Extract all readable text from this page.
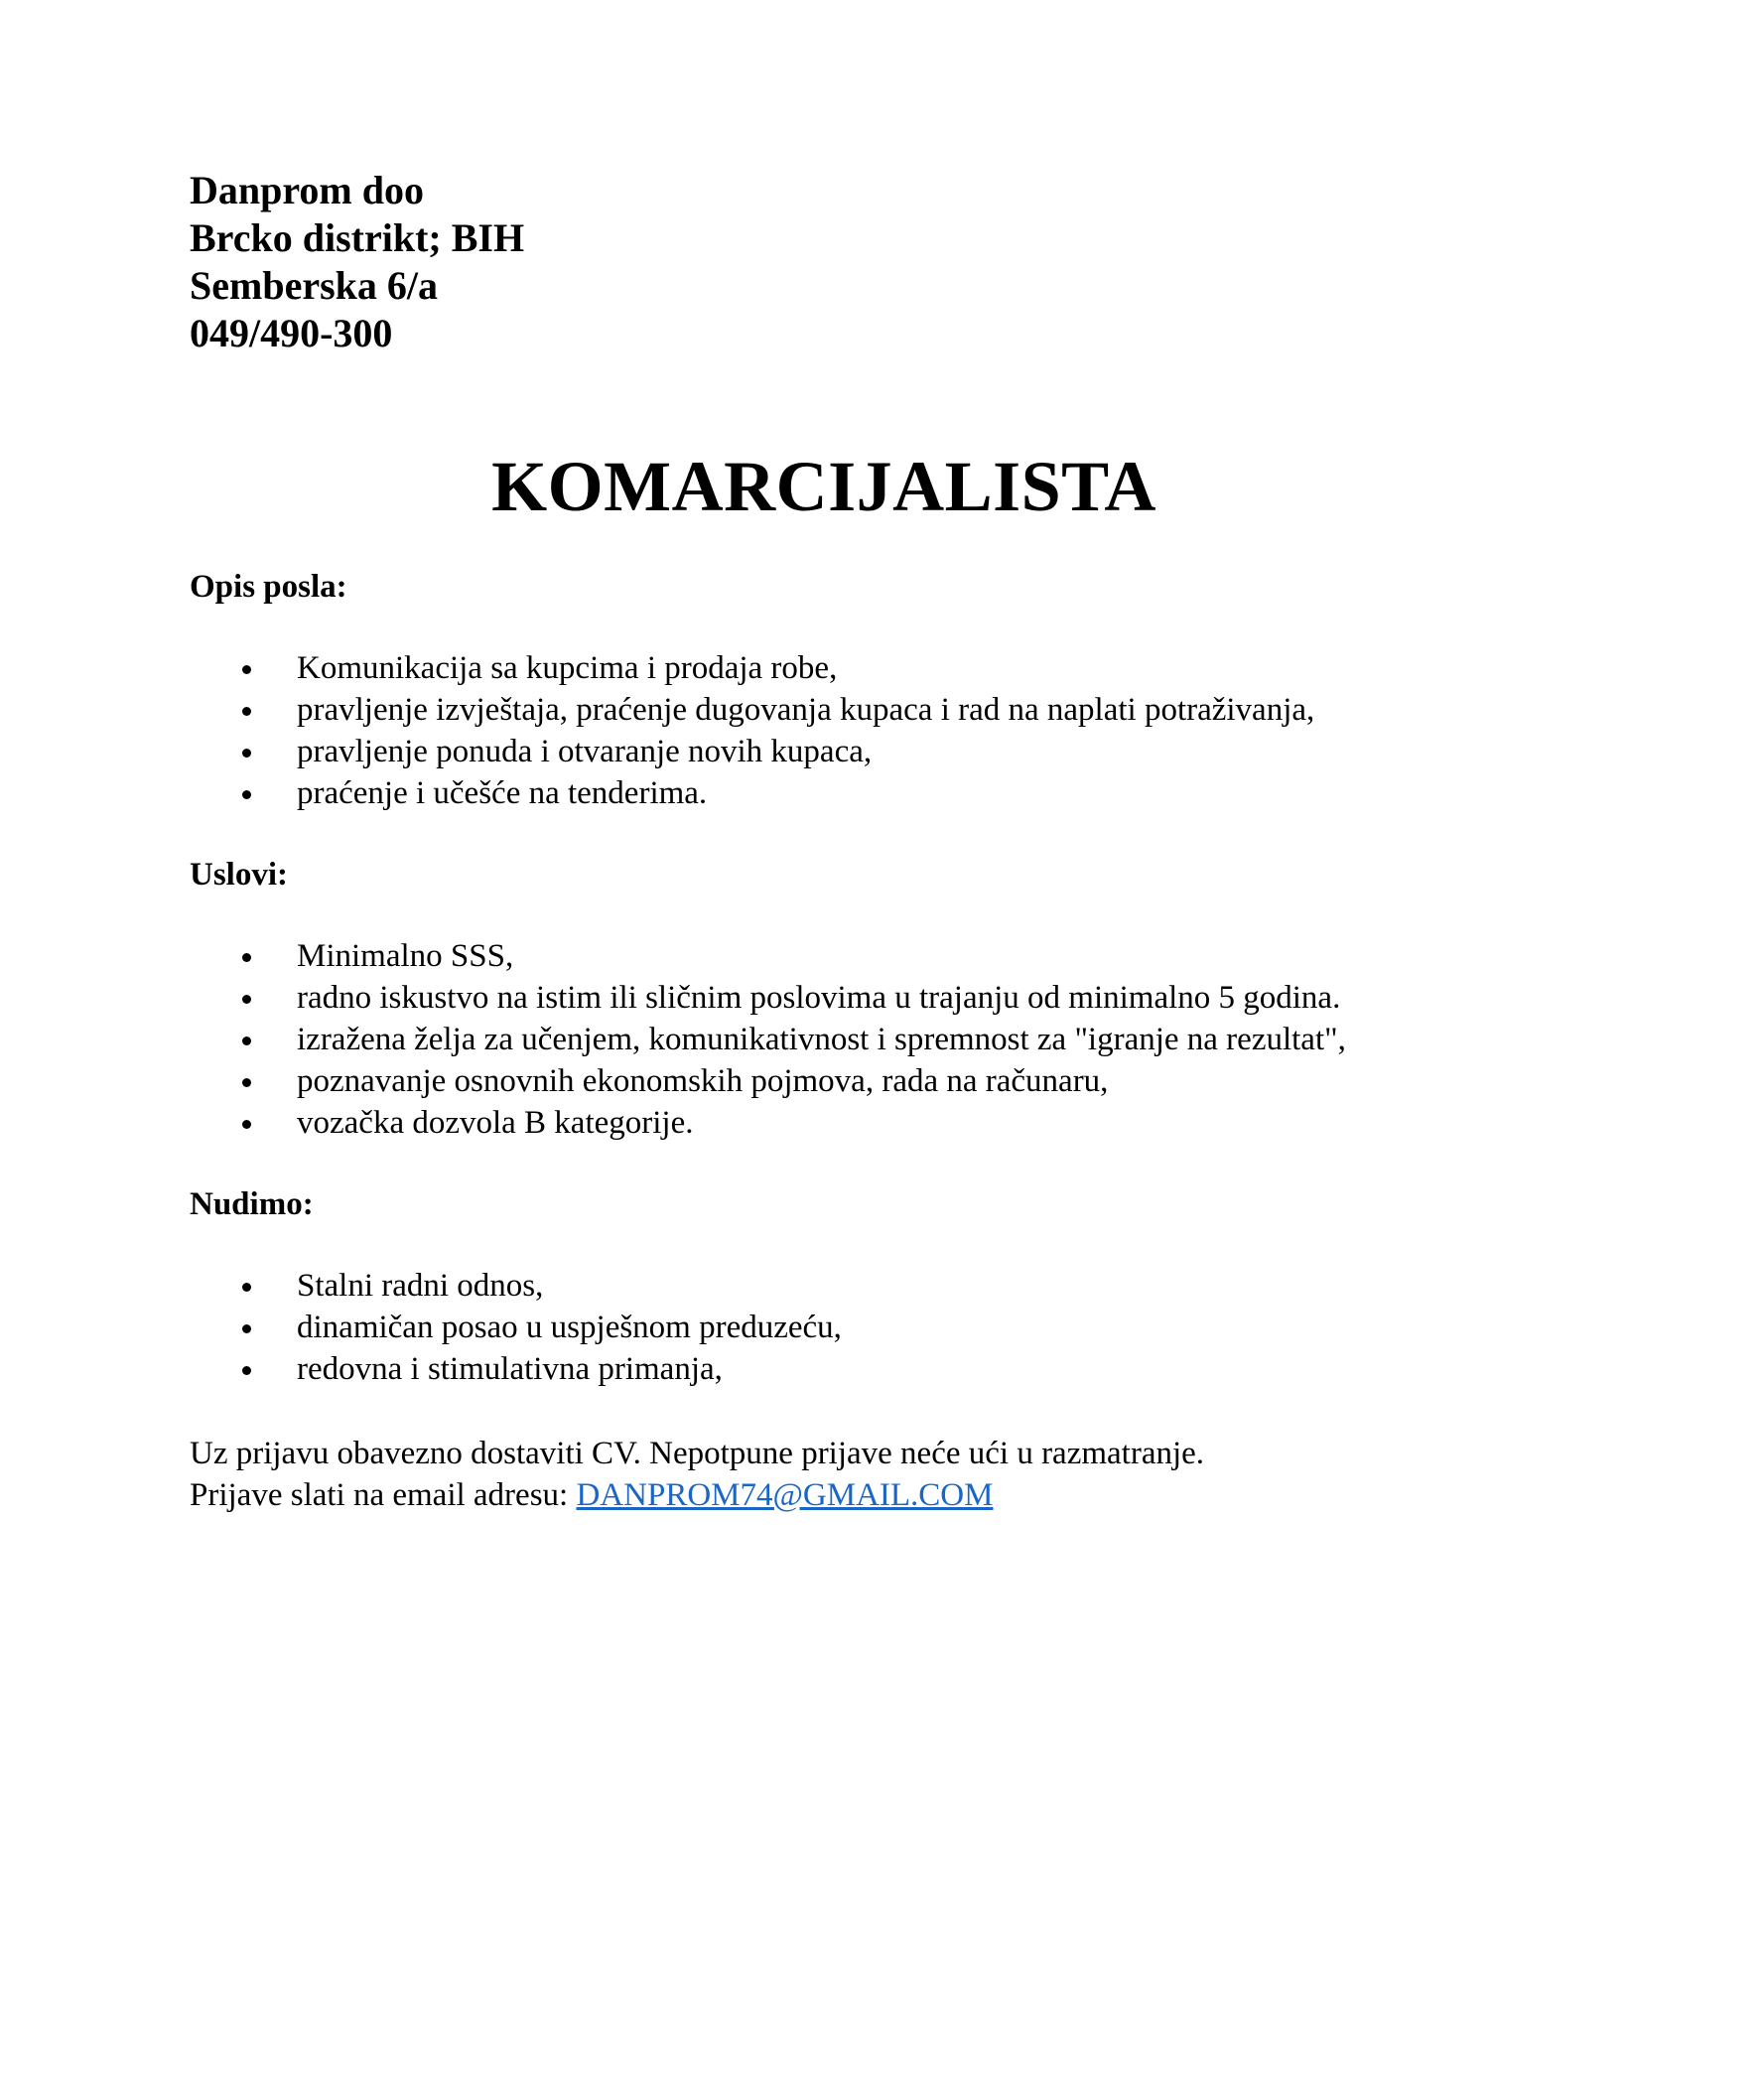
Danprom doo
Brcko distrikt; BIH
Semberska 6/a
049/490-300
KOMARCIJALISTA
Opis posla:
Komunikacija sa kupcima i prodaja robe,
pravljenje izvještaja, praćenje dugovanja kupaca i rad na naplati potraživanja,
pravljenje ponuda i otvaranje novih kupaca,
praćenje i učešće na tenderima.
Uslovi:
Minimalno SSS,
radno iskustvo na istim ili sličnim poslovima u trajanju od minimalno 5 godina.
izražena želja za učenjem, komunikativnost i spremnost za "igranje na rezultat",
poznavanje osnovnih ekonomskih pojmova, rada na računaru,
vozačka dozvola B kategorije.
Nudimo:
Stalni radni odnos,
dinamičan posao u uspješnom preduzeću,
redovna i stimulativna primanja,
Uz prijavu obavezno dostaviti CV. Nepotpune prijave neće ući u razmatranje.
Prijave slati na email adresu: DANPROM74@GMAIL.COM
